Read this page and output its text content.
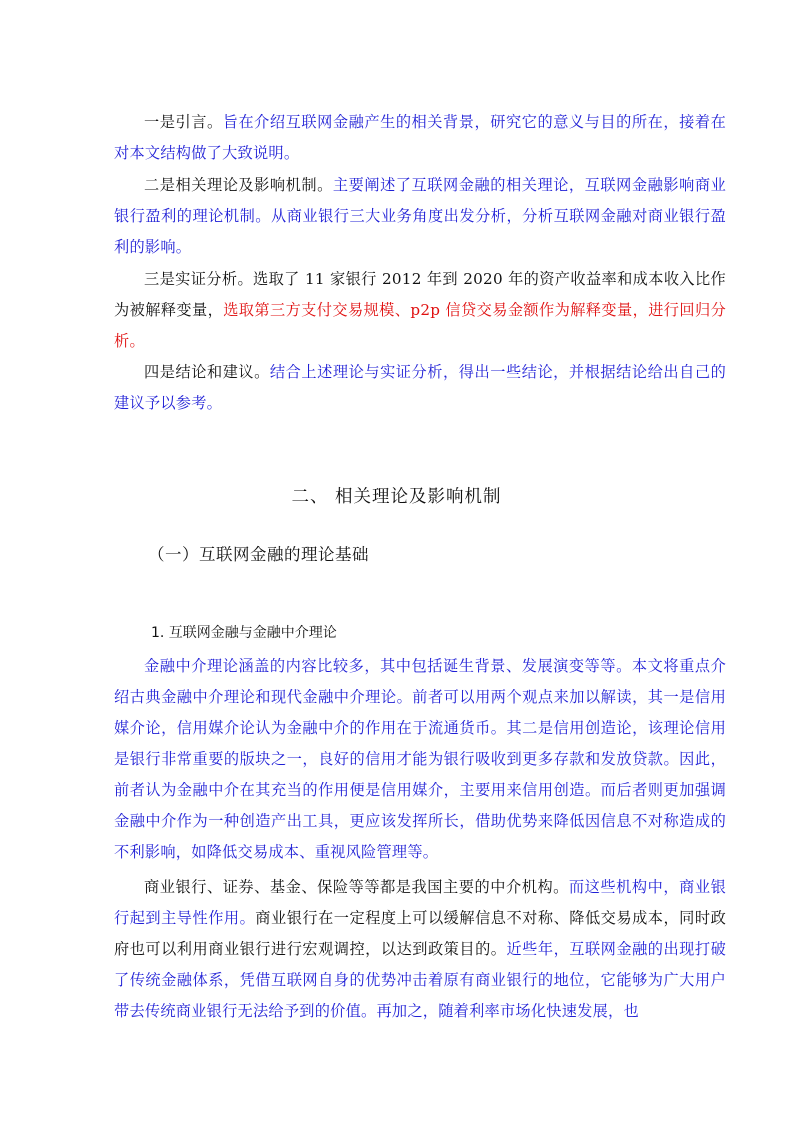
一是引言。旨在介绍互联网金融产生的相关背景，研究它的意义与目的所在，接着在对本文结构做了大致说明。

二是相关理论及影响机制。主要阐述了互联网金融的相关理论，互联网金融影响商业银行盈利的理论机制。从商业银行三大业务角度出发分析，分析互联网金融对商业银行盈利的影响。

三是实证分析。选取了 11 家银行 2012 年到 2020 年的资产收益率和成本收入比作为被解释变量，选取第三方支付交易规模、p2p 信贷交易金额作为解释变量，进行回归分析。

四是结论和建议。结合上述理论与实证分析，得出一些结论，并根据结论给出自己的建议予以参考。

二、 相关理论及影响机制
（一）互联网金融的理论基础
1. 互联网金融与金融中介理论

金融中介理论涵盖的内容比较多，其中包括诞生背景、发展演变等等。本文将重点介绍古典金融中介理论和现代金融中介理论。前者可以用两个观点来加以解读，其一是信用媒介论，信用媒介论认为金融中介的作用在于流通货币。其二是信用创造论，该理论信用是银行非常重要的版块之一，良好的信用才能为银行吸收到更多存款和发放贷款。因此，前者认为金融中介在其充当的作用便是信用媒介，主要用来信用创造。而后者则更加强调金融中介作为一种创造产出工具，更应该发挥所长，借助优势来降低因信息不对称造成的不利影响，如降低交易成本、重视风险管理等。

商业银行、证券、基金、保险等等都是我国主要的中介机构。而这些机构中，商业银行起到主导性作用。商业银行在一定程度上可以缓解信息不对称、降低交易成本，同时政府也可以利用商业银行进行宏观调控，以达到政策目的。近些年，互联网金融的出现打破了传统金融体系，凭借互联网自身的优势冲击着原有商业银行的地位，它能够为广大用户带去传统商业银行无法给予到的价值。再加之，随着利率市场化快速发展，也
